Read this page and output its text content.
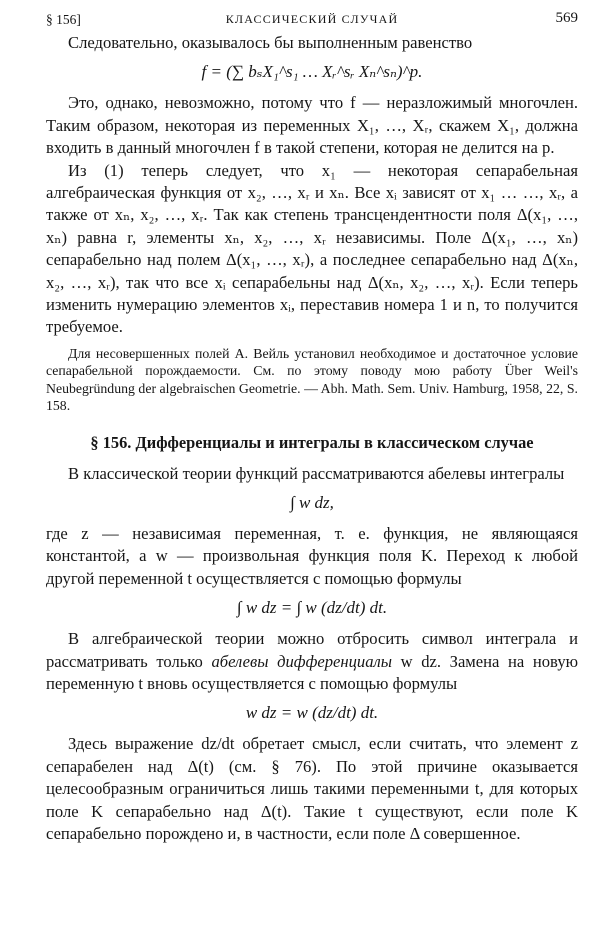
§ 156]	КЛАССИЧЕСКИЙ СЛУЧАЙ	569

Следовательно, оказывалось бы выполненным равенство

f = (∑ bₛX₁^s₁ … Xᵣ^sᵣ Xₙ^sₙ)^p.

Это, однако, невозможно, потому что f — неразложимый многочлен. Таким образом, некоторая из переменных X₁, …, Xᵣ, скажем X₁, должна входить в данный многочлен f в такой степени, которая не делится на p.

Из (1) теперь следует, что x₁ — некоторая сепарабельная алгебраическая функция от x₂, …, xᵣ и xₙ. Все xᵢ зависят от x₁ … …, xᵣ, а также от xₙ, x₂, …, xᵣ. Так как степень трансцендентности поля Δ(x₁, …, xₙ) равна r, элементы xₙ, x₂, …, xᵣ независимы. Поле Δ(x₁, …, xₙ) сепарабельно над полем Δ(x₁, …, xᵣ), а последнее сепарабельно над Δ(xₙ, x₂, …, xᵣ), так что все xᵢ сепарабельны над Δ(xₙ, x₂, …, xᵣ). Если теперь изменить нумерацию элементов xᵢ, переставив номера 1 и n, то получится требуемое.

Для несовершенных полей А. Вейль установил необходимое и достаточное условие сепарабельной порождаемости. См. по этому поводу мою работу Über Weil's Neubegründung der algebraischen Geometrie. — Abh. Math. Sem. Univ. Hamburg, 1958, 22, S. 158.
§ 156. Дифференциалы и интегралы в классическом случае

В классической теории функций рассматриваются абелевы интегралы

∫ w dz,

где z — независимая переменная, т. е. функция, не являющаяся константой, а w — произвольная функция поля K. Переход к любой другой переменной t осуществляется с помощью формулы

∫ w dz = ∫ w (dz/dt) dt.

В алгебраической теории можно отбросить символ интеграла и рассматривать только абелевы дифференциалы w dz. Замена на новую переменную t вновь осуществляется с помощью формулы

w dz = w (dz/dt) dt.

Здесь выражение dz/dt обретает смысл, если считать, что элемент z сепарабелен над Δ(t) (см. § 76). По этой причине оказывается целесообразным ограничиться лишь такими переменными t, для которых поле K сепарабельно над Δ(t). Такие t существуют, если поле K сепарабельно порождено и, в частности, если поле Δ совершенное.
